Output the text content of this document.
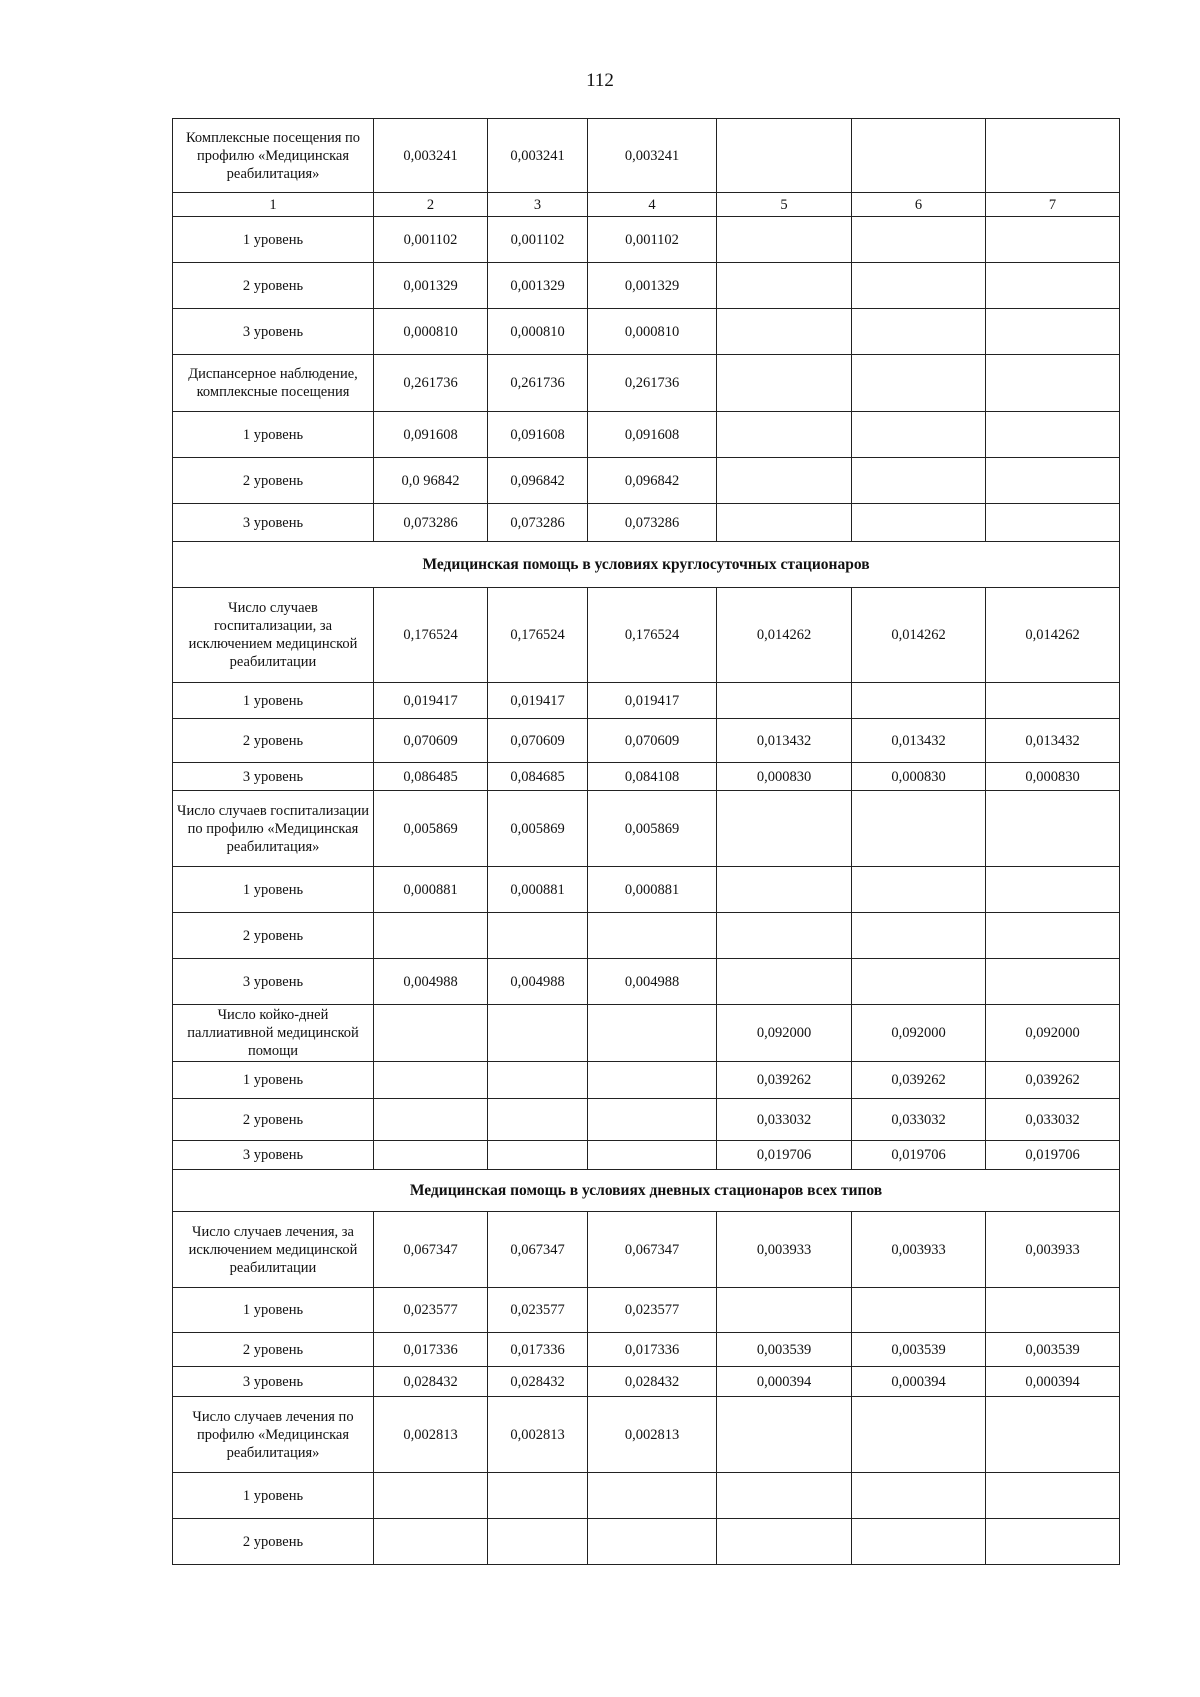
112
Комплексные посещения по профилю «Медицинская реабилитация»	0,003241	0,003241	0,003241			
1	2	3	4	5	6	7
1 уровень	0,001102	0,001102	0,001102			
2 уровень	0,001329	0,001329	0,001329			
3 уровень	0,000810	0,000810	0,000810			
Диспансерное наблюдение, комплексные посещения	0,261736	0,261736	0,261736			
1 уровень	0,091608	0,091608	0,091608			
2 уровень	0,0 96842	0,096842	0,096842			
3 уровень	0,073286	0,073286	0,073286			
Медицинская помощь в условиях круглосуточных стационаров						
Число случаев госпитализации, за исключением медицинской реабилитации	0,176524	0,176524	0,176524	0,014262	0,014262	0,014262
1 уровень	0,019417	0,019417	0,019417			
2 уровень	0,070609	0,070609	0,070609	0,013432	0,013432	0,013432
3 уровень	0,086485	0,084685	0,084108	0,000830	0,000830	0,000830
Число случаев госпитализации по профилю «Медицинская реабилитация»	0,005869	0,005869	0,005869			
1 уровень	0,000881	0,000881	0,000881			
2 уровень						
3 уровень	0,004988	0,004988	0,004988			
Число койко-дней паллиативной медицинской помощи				0,092000	0,092000	0,092000
1 уровень				0,039262	0,039262	0,039262
2 уровень				0,033032	0,033032	0,033032
3 уровень				0,019706	0,019706	0,019706
Медицинская помощь в условиях дневных стационаров всех типов						
Число случаев лечения, за исключением медицинской реабилитации	0,067347	0,067347	0,067347	0,003933	0,003933	0,003933
1 уровень	0,023577	0,023577	0,023577			
2 уровень	0,017336	0,017336	0,017336	0,003539	0,003539	0,003539
3 уровень	0,028432	0,028432	0,028432	0,000394	0,000394	0,000394
Число случаев лечения по профилю «Медицинская реабилитация»	0,002813	0,002813	0,002813			
1 уровень						
2 уровень						
